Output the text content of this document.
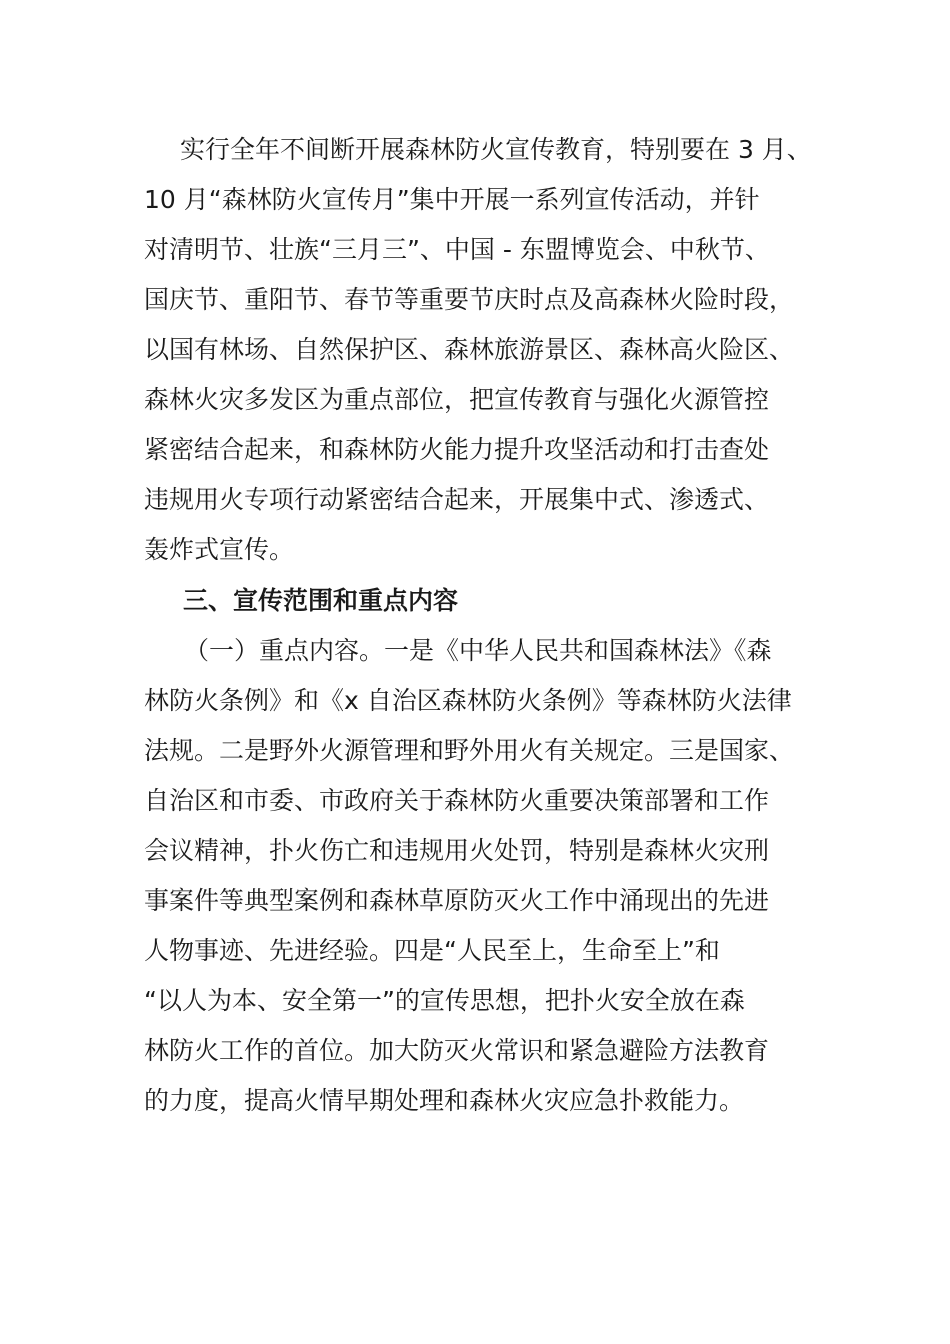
实行全年不间断开展森林防火宣传教育，特别要在 3 月、
10 月“森林防火宣传月”集中开展一系列宣传活动，并针
对清明节、壮族“三月三”、中国 - 东盟博览会、中秋节、
国庆节、重阳节、春节等重要节庆时点及高森林火险时段，
以国有林场、自然保护区、森林旅游景区、森林高火险区、
森林火灾多发区为重点部位，把宣传教育与强化火源管控
紧密结合起来，和森林防火能力提升攻坚活动和打击查处
违规用火专项行动紧密结合起来，开展集中式、渗透式、
轰炸式宣传。
三、宣传范围和重点内容
（一）重点内容。一是《中华人民共和国森林法》《森
林防火条例》和《x 自治区森林防火条例》等森林防火法律
法规。二是野外火源管理和野外用火有关规定。三是国家、
自治区和市委、市政府关于森林防火重要决策部署和工作
会议精神，扑火伤亡和违规用火处罚，特别是森林火灾刑
事案件等典型案例和森林草原防灭火工作中涌现出的先进
人物事迹、先进经验。四是“人民至上，生命至上”和
“以人为本、安全第一”的宣传思想，把扑火安全放在森
林防火工作的首位。加大防灭火常识和紧急避险方法教育
的力度，提高火情早期处理和森林火灾应急扑救能力。
